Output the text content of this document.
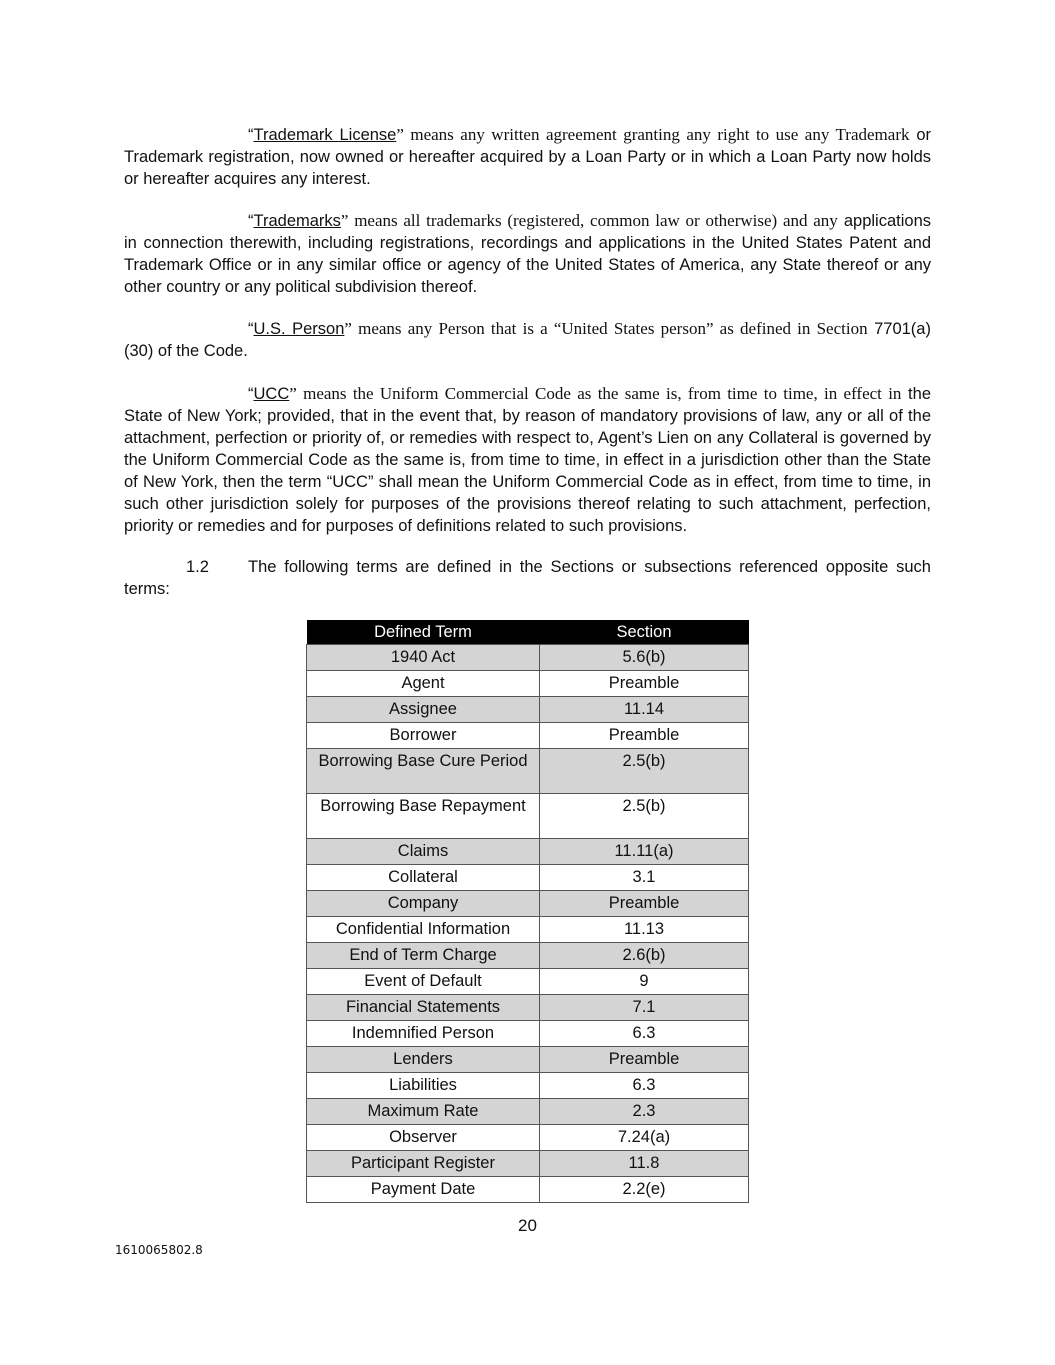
“Trademark License” means any written agreement granting any right to use any Trademark or Trademark registration, now owned or hereafter acquired by a Loan Party or in which a Loan Party now holds or hereafter acquires any interest.

“Trademarks” means all trademarks (registered, common law or otherwise) and any applications in connection therewith, including registrations, recordings and applications in the United States Patent and Trademark Office or in any similar office or agency of the United States of America, any State thereof or any other country or any political subdivision thereof.

“U.S. Person” means any Person that is a “United States person” as defined in Section 7701(a)(30) of the Code.

“UCC” means the Uniform Commercial Code as the same is, from time to time, in effect in the State of New York; provided, that in the event that, by reason of mandatory provisions of law, any or all of the attachment, perfection or priority of, or remedies with respect to, Agent’s Lien on any Collateral is governed by the Uniform Commercial Code as the same is, from time to time, in effect in a jurisdiction other than the State of New York, then the term “UCC” shall mean the Uniform Commercial Code as in effect, from time to time, in such other jurisdiction solely for purposes of the provisions thereof relating to such attachment, perfection, priority or remedies and for purposes of definitions related to such provisions.

1.2	The following terms are defined in the Sections or subsections referenced opposite such terms:
Defined Term	Section
1940 Act	5.6(b)
Agent	Preamble
Assignee	11.14
Borrower	Preamble
Borrowing Base Cure Period	2.5(b)
Borrowing Base Repayment	2.5(b)
Claims	11.11(a)
Collateral	3.1
Company	Preamble
Confidential Information	11.13
End of Term Charge	2.6(b)
Event of Default	9
Financial Statements	7.1
Indemnified Person	6.3
Lenders	Preamble
Liabilities	6.3
Maximum Rate	2.3
Observer	7.24(a)
Participant Register	11.8
Payment Date	2.2(e)
20
1610065802.8
